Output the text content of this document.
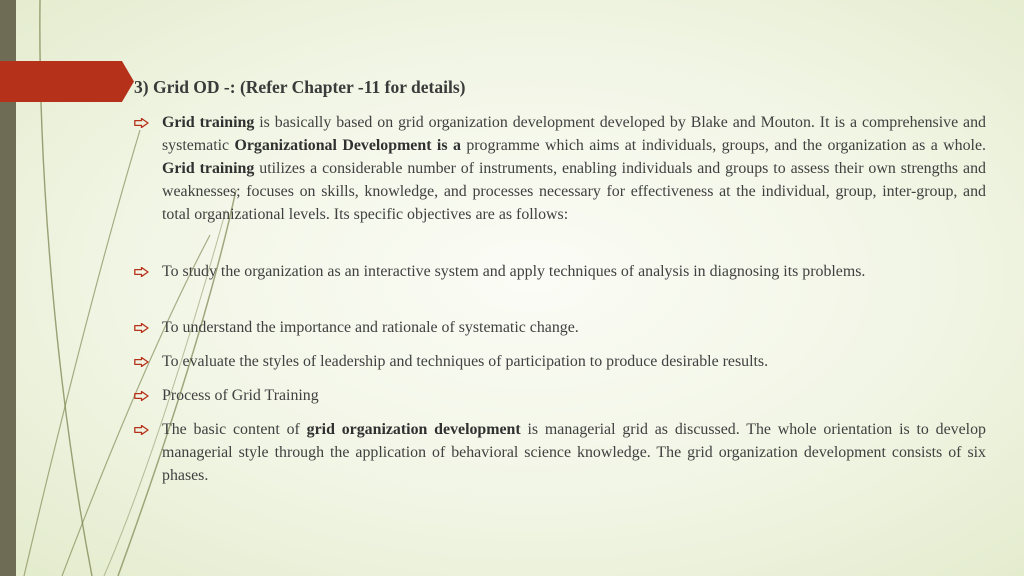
3) Grid OD -: (Refer Chapter -11 for details)

Grid training is basically based on grid organization development developed by Blake and Mouton. It is a comprehensive and systematic Organizational Development is a programme which aims at individuals, groups, and the organization as a whole. Grid training utilizes a considerable number of instruments, enabling individuals and groups to assess their own strengths and weaknesses; focuses on skills, knowledge, and processes necessary for effectiveness at the individual, group, inter-group, and total organizational levels. Its specific objectives are as follows:

To study the organization as an interactive system and apply techniques of analysis in diagnosing its problems.

To understand the importance and rationale of systematic change.

To evaluate the styles of leadership and techniques of participation to produce desirable results.

Process of Grid Training

The basic content of grid organization development is managerial grid as discussed. The whole orientation is to develop managerial style through the application of behavioral science knowledge. The grid organization development consists of six phases.
